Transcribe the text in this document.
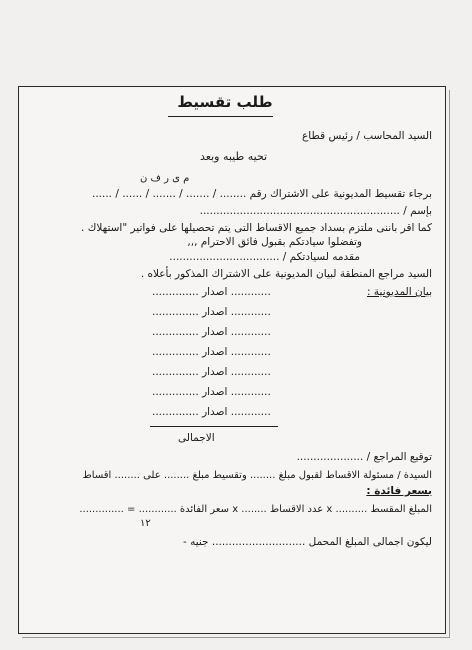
طلب تقسيط
السيد المحاسب / رئيس قطاع
تحيه طيبه وبعد
م ى ر ف ن
برجاء تقسيط المديونية على الاشتراك رقم ........ / ....... / ....... / ...... / ......
بإسم / ............................................................
كما اقر باننى ملتزم بسداد جميع الاقساط التى يتم تحصيلها على فواتير "استهلاك .
وتفضلوا سيادتكم بقبول فائق الاحترام ,,,
مقدمه لسيادتكم / .................................
السيد مراجع المنطقة لبيان المديونية على الاشتراك المذكور بأعلاه .
بيان المديونية :
............ اصدار ..............
............ اصدار ..............
............ اصدار ..............
............ اصدار ..............
............ اصدار ..............
............ اصدار ..............
............ اصدار ..............
الاجمالى
توقيع المراجع / ....................
السيدة / مسئولة الاقساط لقبول مبلغ ........ وتقسيط مبلغ ........ على ........ اقساط
بسعر فائدة :
المبلغ المقسط .......... x عدد الاقساط ........ x سعر الفائدة ............ = ..............
١٢
ليكون اجمالى المبلغ المحمل ............................ جنيه -
